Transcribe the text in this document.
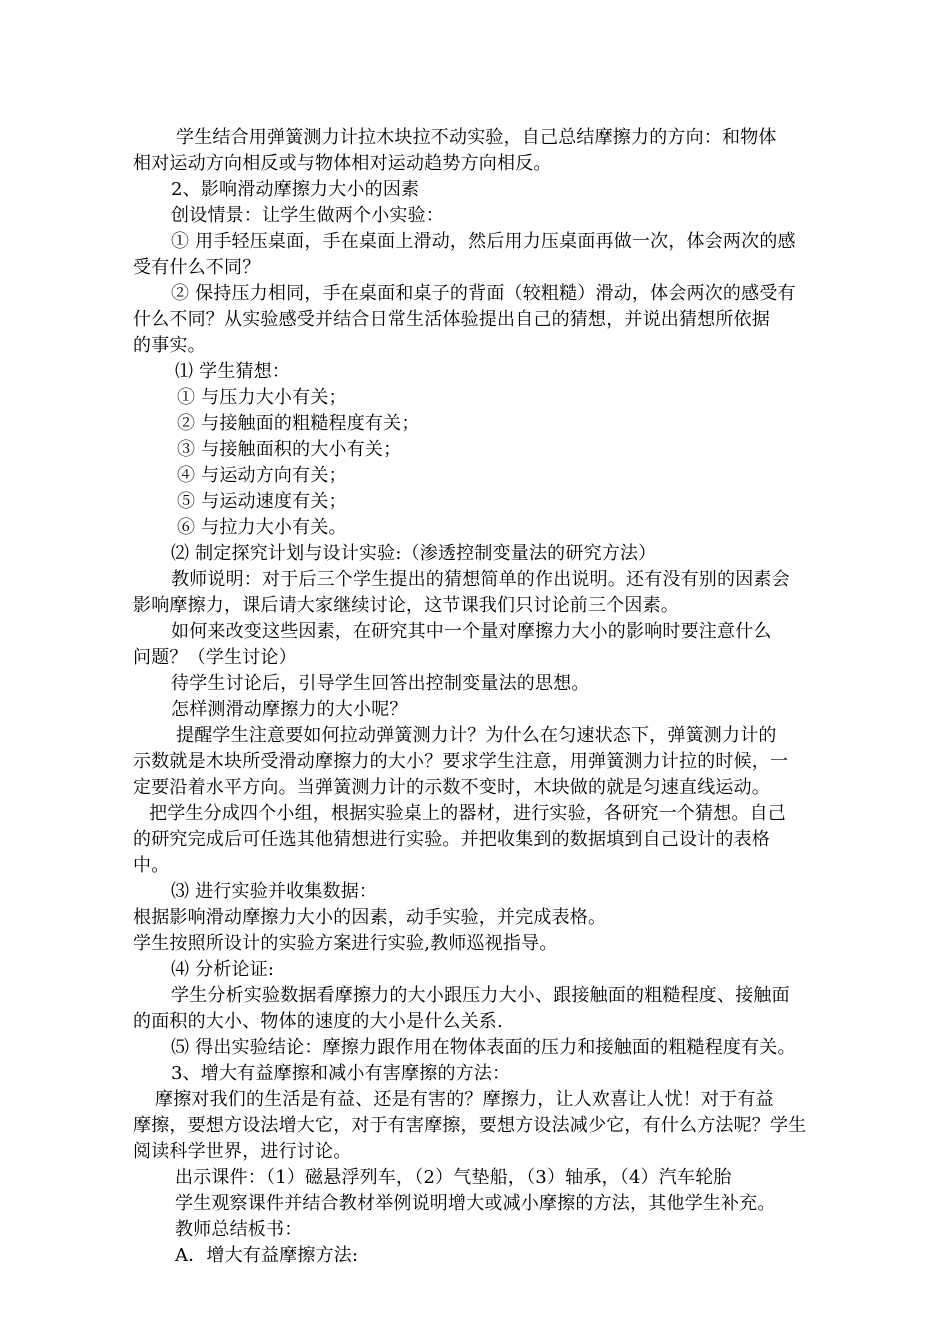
学生结合用弹簧测力计拉木块拉不动实验，自己总结摩擦力的方向：和物体
相对运动方向相反或与物体相对运动趋势方向相反。
2、影响滑动摩擦力大小的因素
创设情景：让学生做两个小实验：
① 用手轻压桌面，手在桌面上滑动，然后用力压桌面再做一次，体会两次的感
受有什么不同？
② 保持压力相同，手在桌面和桌子的背面（较粗糙）滑动，体会两次的感受有
什么不同？从实验感受并结合日常生活体验提出自己的猜想，并说出猜想所依据
的事实。
⑴ 学生猜想：
① 与压力大小有关；
② 与接触面的粗糙程度有关；
③ 与接触面积的大小有关；
④ 与运动方向有关；
⑤ 与运动速度有关；
⑥ 与拉力大小有关。
⑵ 制定探究计划与设计实验:（渗透控制变量法的研究方法）
教师说明：对于后三个学生提出的猜想简单的作出说明。还有没有别的因素会
影响摩擦力，课后请大家继续讨论，这节课我们只讨论前三个因素。
如何来改变这些因素，在研究其中一个量对摩擦力大小的影响时要注意什么
问题？（学生讨论）
待学生讨论后，引导学生回答出控制变量法的思想。
怎样测滑动摩擦力的大小呢？
提醒学生注意要如何拉动弹簧测力计？为什么在匀速状态下，弹簧测力计的
示数就是木块所受滑动摩擦力的大小？要求学生注意，用弹簧测力计拉的时候，一
定要沿着水平方向。当弹簧测力计的示数不变时，木块做的就是匀速直线运动。
把学生分成四个小组，根据实验桌上的器材，进行实验，各研究一个猜想。自己
的研究完成后可任选其他猜想进行实验。并把收集到的数据填到自己设计的表格
中。
⑶ 进行实验并收集数据：
根据影响滑动摩擦力大小的因素，动手实验，并完成表格。
学生按照所设计的实验方案进行实验,教师巡视指导。
⑷ 分析论证:
学生分析实验数据看摩擦力的大小跟压力大小、跟接触面的粗糙程度、接触面
的面积的大小、物体的速度的大小是什么关系.
⑸ 得出实验结论：摩擦力跟作用在物体表面的压力和接触面的粗糙程度有关。
3、增大有益摩擦和减小有害摩擦的方法：
摩擦对我们的生活是有益、还是有害的？摩擦力，让人欢喜让人忧！对于有益
摩擦，要想方设法增大它，对于有害摩擦，要想方设法减少它，有什么方法呢？学生
阅读科学世界，进行讨论。
出示课件：（1）磁悬浮列车，（2）气垫船，（3）轴承，（4）汽车轮胎
学生观察课件并结合教材举例说明增大或减小摩擦的方法，其他学生补充。
教师总结板书：
A．增大有益摩擦方法:
